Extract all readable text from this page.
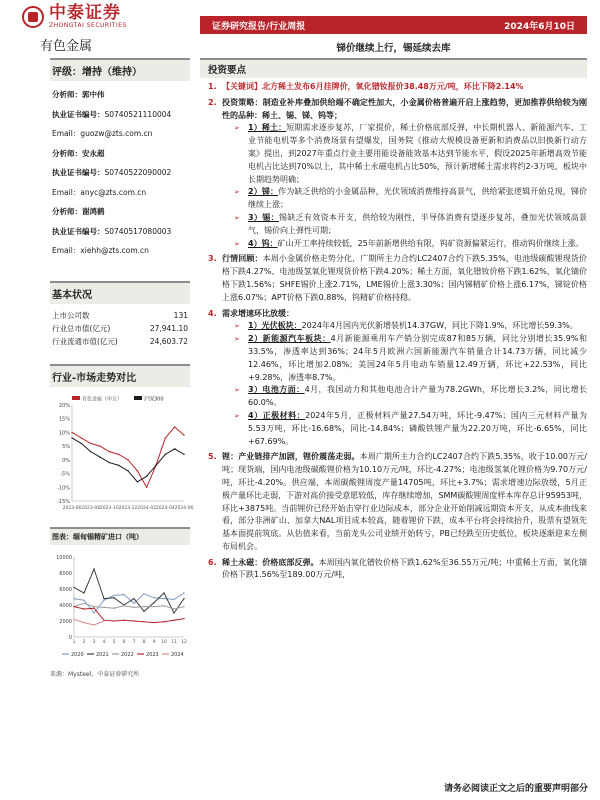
中泰证券
ZHONGTAI SECURITIES
有色金属
证券研究报告/行业周报	2024年6月10日
锑价继续上行，锡延续去库
评级：增持（维持）
分析师：郭中伟
执业证书编号：S0740521110004
Email：guozw@zts.com.cn
分析师：安永超
执业证书编号：S0740522090002
Email：anyc@zts.com.cn
分析师：谢鸿鹤
执业证书编号：S0740517080003
Email：xiehh@zts.com.cn
基本状况
上市公司数	131
行业总市值(亿元)	27,941.10
行业流通市值(亿元)	24,603.72
行业-市场走势对比
有色金属（申万）	沪深300
20%
15%
10%
5%
0%
-5%
-10%
-15%
2023-06 2023-08 2023-10 2023-12 2024-02 2024-04 2024-06
图表：缅甸锡精矿进口（吨）
10000
8000
6000
4000
2000
0
1 2 3 4 5 6 7 8 9 10 11 12
2020 2021 2022 2023 2024
来源：Mysteel，中泰证券研究所
投资要点
1. 【关键词】北方稀土发布6月挂牌价，氧化镨钕报价38.48万元/吨，环比下降2.14%
2. 投资策略：制造业补库叠加供给端不确定性加大，小金属价格普遍开启上涨趋势，更加推荐供给较为刚性的品种：稀土、锡、锑、钨等；
➢ 1）稀土：短期需求逐步复苏，厂家提价，稀土价格底部反弹，中长期机器人、新能源汽车、工业节能电机等多个消费场景有望爆发，国务院《推动大规模设备更新和消费品以旧换新行动方案》提出，到2027年重点行业主要用能设备能效基本达到节能水平，假设2025年新增高效节能电机占比达到70%以上，其中稀土永磁电机占比50%，预计新增稀土需求将约2-3万吨，板块中长期趋势明确；
➢ 2）锑：作为缺乏供给的小金属品种，光伏领域消费维持高景气，供给紧张逻辑开始兑现，锑价继续上涨；
➢ 3）锡：锡缺乏有效资本开支，供给较为刚性，半导体消费有望逐步复苏，叠加光伏领域高景气，锡价向上弹性可期；
➢ 4）钨：矿山开工率持续较低，25年前新增供给有限，钨矿资源偏紧运行，推动钨价继续上涨。
3. 行情回顾：本周小金属价格走势分化，广期所主力合约LC2407合约下跌5.35%，电池级碳酸锂现货价格下跌4.27%、电池级氢氧化锂现货价格下跌4.20%；稀土方面，氧化镨钕价格下跌1.62%，氧化镝价格下跌1.56%；SHFE锡价上涨2.71%，LME锡价上涨3.30%；国内锑精矿价格上涨6.17%，锑锭价格上涨6.07%；APT价格下跌0.88%，钨精矿价格持稳。
4. 需求增速环比放缓：
➢ 1）光伏板块：2024年4月国内光伏新增装机14.37GW，同比下降1.9%，环比增长59.3%。
➢ 2）新能源汽车板块：4月新能源乘用车产销分别完成87和85万辆，同比分别增长35.9%和33.5%，渗透率达到36%；24年5月欧洲六国新能源汽车销量合计14.73万辆，同比减少12.46%，环比增加2.08%；美国24年5月电动车销量12.49万辆，环比+22.53%，同比+9.28%，渗透率8.7%。
➢ 3）电池方面：4月，我国动力和其他电池合计产量为78.2GWh，环比增长3.2%，同比增长60.0%。
➢ 4）正极材料：2024年5月，正极材料产量27.54万吨，环比-9.47%；国内三元材料产量为5.53万吨，环比-16.68%，同比-14.84%；磷酸铁锂产量为22.20万吨，环比-6.65%，同比+67.69%。
5. 锂：产业链排产加剧，锂价震荡走弱。本周广期所主力合约LC2407合约下跌5.35%，收于10.00万元/吨；现货端，国内电池级碳酸锂价格为10.10万元/吨，环比-4.27%；电池级氢氧化锂价格为9.70万元/吨，环比-4.20%。供应端，本周碳酸锂周度产量14705吨，环比+3.7%；需求增速边际放缓，5月正极产量环比走弱，下游对高价接受意愿较低，库存继续增加，SMM碳酸锂周度样本库存总计95953吨，环比+3875吨。当前锂价已经开始击穿行业边际成本，部分企业开始削减远期资本开支，从成本曲线来看，部分非洲矿山、加拿大NAL项目成本较高，随着锂价下跌，成本平台将会持续抬升，股票有望领先基本面提前筑底。从估值来看，当前龙头公司业绩开始转亏，PB已经跌至历史低位，板块逐渐迎来左侧布局机会。
6. 稀土永磁：价格底部反弹。本周国内氧化镨钕价格下跌1.62%至36.55万元/吨；中重稀土方面，氧化镝价格下跌1.56%至189.00万元/吨，
请务必阅读正文之后的重要声明部分
